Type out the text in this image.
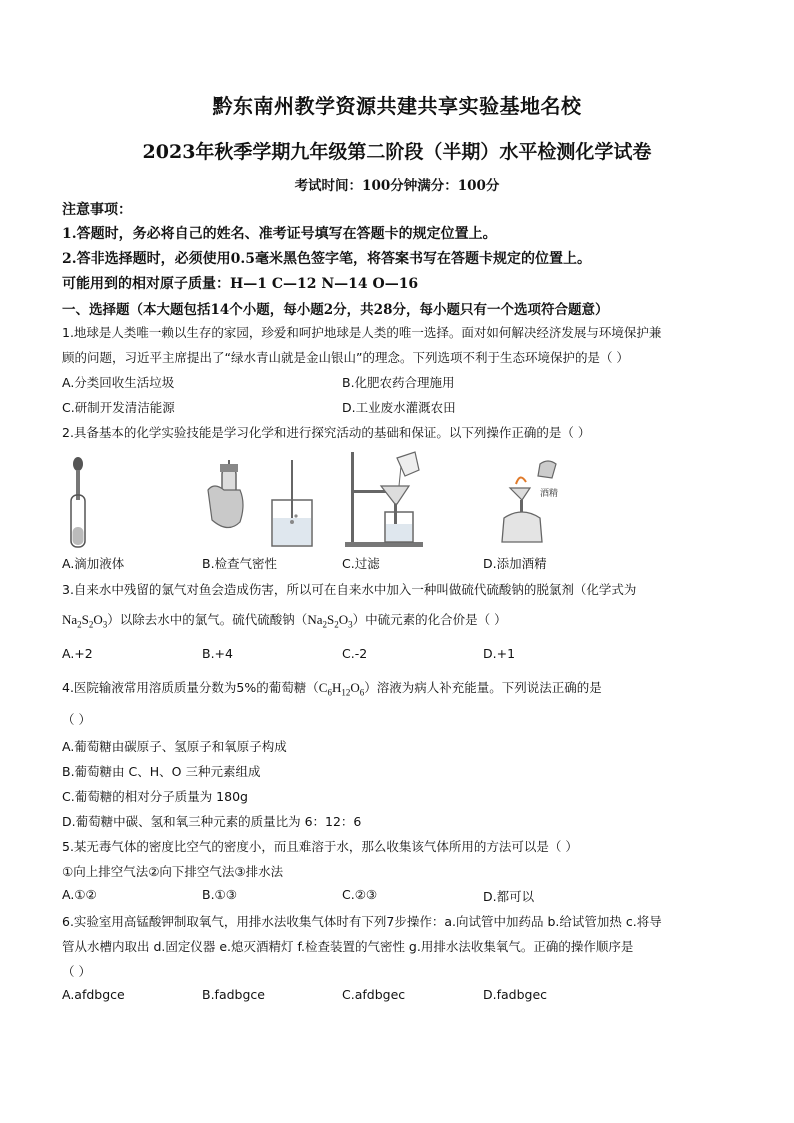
黔东南州教学资源共建共享实验基地名校
2023年秋季学期九年级第二阶段（半期）水平检测化学试卷
考试时间：100分钟满分：100分
注意事项：
1.答题时，务必将自己的姓名、准考证号填写在答题卡的规定位置上。
2.答非选择题时，必须使用0.5毫米黑色签字笔，将答案书写在答题卡规定的位置上。
可能用到的相对原子质量：H—1 C—12 N—14 O—16
一、选择题（本大题包括14个小题，每小题2分，共28分，每小题只有一个选项符合题意）
1.地球是人类唯一赖以生存的家园，珍爱和呵护地球是人类的唯一选择。面对如何解决经济发展与环境保护兼
顾的问题，习近平主席提出了“绿水青山就是金山银山”的理念。下列选项不利于生态环境保护的是（ ）
A.分类回收生活垃圾	B.化肥农药合理施用
C.研制开发清洁能源	D.工业废水灌溉农田
2.具备基本的化学实验技能是学习化学和进行探究活动的基础和保证。以下列操作正确的是（ ）
酒精
A.滴加液体	B.检查气密性	C.过滤	D.添加酒精
3.自来水中残留的氯气对鱼会造成伤害，所以可在自来水中加入一种叫做硫代硫酸钠的脱氯剂（化学式为
$Na_2S_2O_3$）以除去水中的氯气。硫代硫酸钠$(Na_2S_2O_3)$中硫元素的化合价是（ ）
A.+2	B.+4	C.-2	D.+1
4.医院输液常用溶质质量分数为5%的葡萄糖$(C_6H_{12}O_6)$溶液为病人补充能量。下列说法正确的是
（ ）
A.葡萄糖由碳原子、氢原子和氧原子构成
B.葡萄糖由 C、H、O 三种元素组成
C.葡萄糖的相对分子质量为 180g
D.葡萄糖中碳、氢和氧三种元素的质量比为 6：12：6
5.某无毒气体的密度比空气的密度小，而且难溶于水，那么收集该气体所用的方法可以是（ ）
①向上排空气法②向下排空气法③排水法
A.①②	B.①③	C.②③	D.都可以
6.实验室用高锰酸钾制取氧气，用排水法收集气体时有下列7步操作：a.向试管中加药品 b.给试管加热 c.将导
管从水槽内取出 d.固定仪器 e.熄灭酒精灯 f.检查装置的气密性 g.用排水法收集氧气。正确的操作顺序是
（ ）
A.afdbgce	B.fadbgce	C.afdbgec	D.fadbgec
